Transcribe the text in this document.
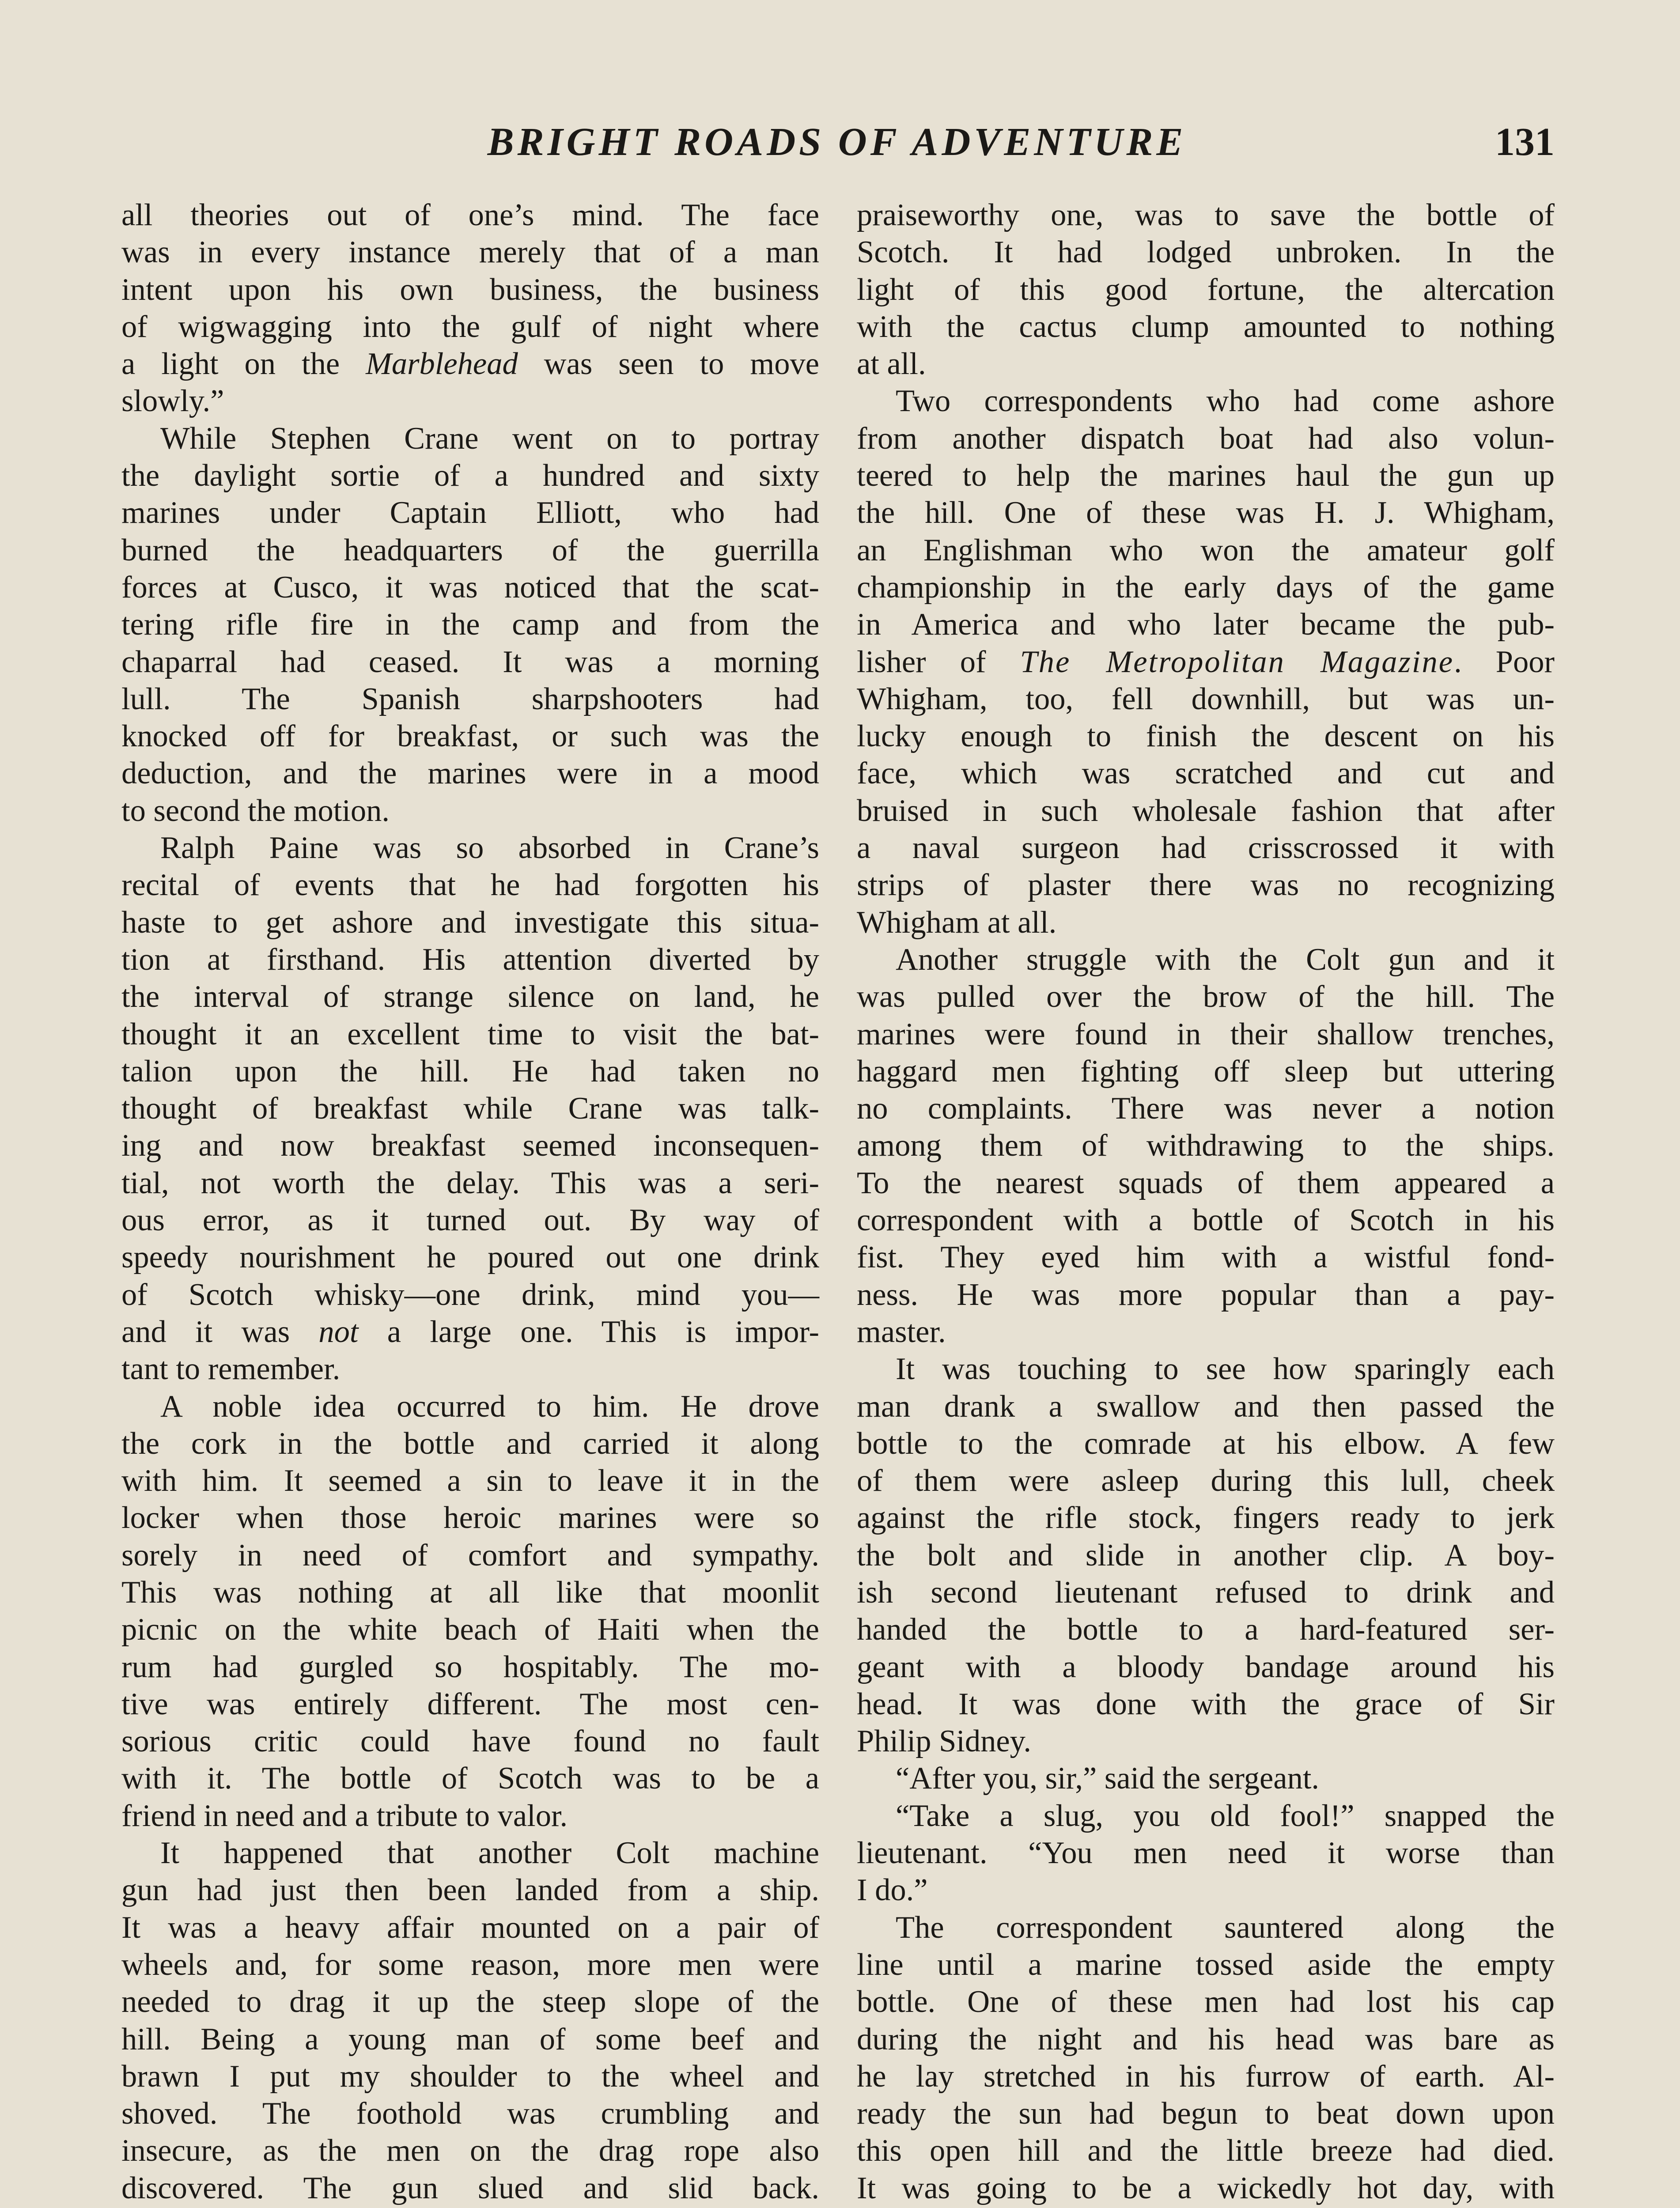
BRIGHT ROADS OF ADVENTURE	131
all theories out of one’s mind. The face
was in every instance merely that of a man
intent upon his own business, the business
of wigwagging into the gulf of night where
a light on the Marblehead was seen to move
slowly.”
While Stephen Crane went on to portray
the daylight sortie of a hundred and sixty
marines under Captain Elliott, who had
burned the headquarters of the guerrilla
forces at Cusco, it was noticed that the scat-
tering rifle fire in the camp and from the
chaparral had ceased. It was a morning
lull. The Spanish sharpshooters had
knocked off for breakfast, or such was the
deduction, and the marines were in a mood
to second the motion.
Ralph Paine was so absorbed in Crane’s
recital of events that he had forgotten his
haste to get ashore and investigate this situa-
tion at firsthand. His attention diverted by
the interval of strange silence on land, he
thought it an excellent time to visit the bat-
talion upon the hill. He had taken no
thought of breakfast while Crane was talk-
ing and now breakfast seemed inconsequen-
tial, not worth the delay. This was a seri-
ous error, as it turned out. By way of
speedy nourishment he poured out one drink
of Scotch whisky—one drink, mind you—
and it was not a large one. This is impor-
tant to remember.
A noble idea occurred to him. He drove
the cork in the bottle and carried it along
with him. It seemed a sin to leave it in the
locker when those heroic marines were so
sorely in need of comfort and sympathy.
This was nothing at all like that moonlit
picnic on the white beach of Haiti when the
rum had gurgled so hospitably. The mo-
tive was entirely different. The most cen-
sorious critic could have found no fault
with it. The bottle of Scotch was to be a
friend in need and a tribute to valor.
It happened that another Colt machine
gun had just then been landed from a ship.
It was a heavy affair mounted on a pair of
wheels and, for some reason, more men were
needed to drag it up the steep slope of the
hill. Being a young man of some beef and
brawn I put my shoulder to the wheel and
shoved. The foothold was crumbling and
insecure, as the men on the drag rope also
discovered. The gun slued and slid back.
praiseworthy one, was to save the bottle of
Scotch. It had lodged unbroken. In the
light of this good fortune, the altercation
with the cactus clump amounted to nothing
at all.
Two correspondents who had come ashore
from another dispatch boat had also volun-
teered to help the marines haul the gun up
the hill. One of these was H. J. Whigham,
an Englishman who won the amateur golf
championship in the early days of the game
in America and who later became the pub-
lisher of The Metropolitan Magazine. Poor
Whigham, too, fell downhill, but was un-
lucky enough to finish the descent on his
face, which was scratched and cut and
bruised in such wholesale fashion that after
a naval surgeon had crisscrossed it with
strips of plaster there was no recognizing
Whigham at all.
Another struggle with the Colt gun and it
was pulled over the brow of the hill. The
marines were found in their shallow trenches,
haggard men fighting off sleep but uttering
no complaints. There was never a notion
among them of withdrawing to the ships.
To the nearest squads of them appeared a
correspondent with a bottle of Scotch in his
fist. They eyed him with a wistful fond-
ness. He was more popular than a pay-
master.
It was touching to see how sparingly each
man drank a swallow and then passed the
bottle to the comrade at his elbow. A few
of them were asleep during this lull, cheek
against the rifle stock, fingers ready to jerk
the bolt and slide in another clip. A boy-
ish second lieutenant refused to drink and
handed the bottle to a hard-featured ser-
geant with a bloody bandage around his
head. It was done with the grace of Sir
Philip Sidney.
“After you, sir,” said the sergeant.
“Take a slug, you old fool!” snapped the
lieutenant. “You men need it worse than
I do.”
The correspondent sauntered along the
line until a marine tossed aside the empty
bottle. One of these men had lost his cap
during the night and his head was bare as
he lay stretched in his furrow of earth. Al-
ready the sun had begun to beat down upon
this open hill and the little breeze had died.
It was going to be a wickedly hot day, with
